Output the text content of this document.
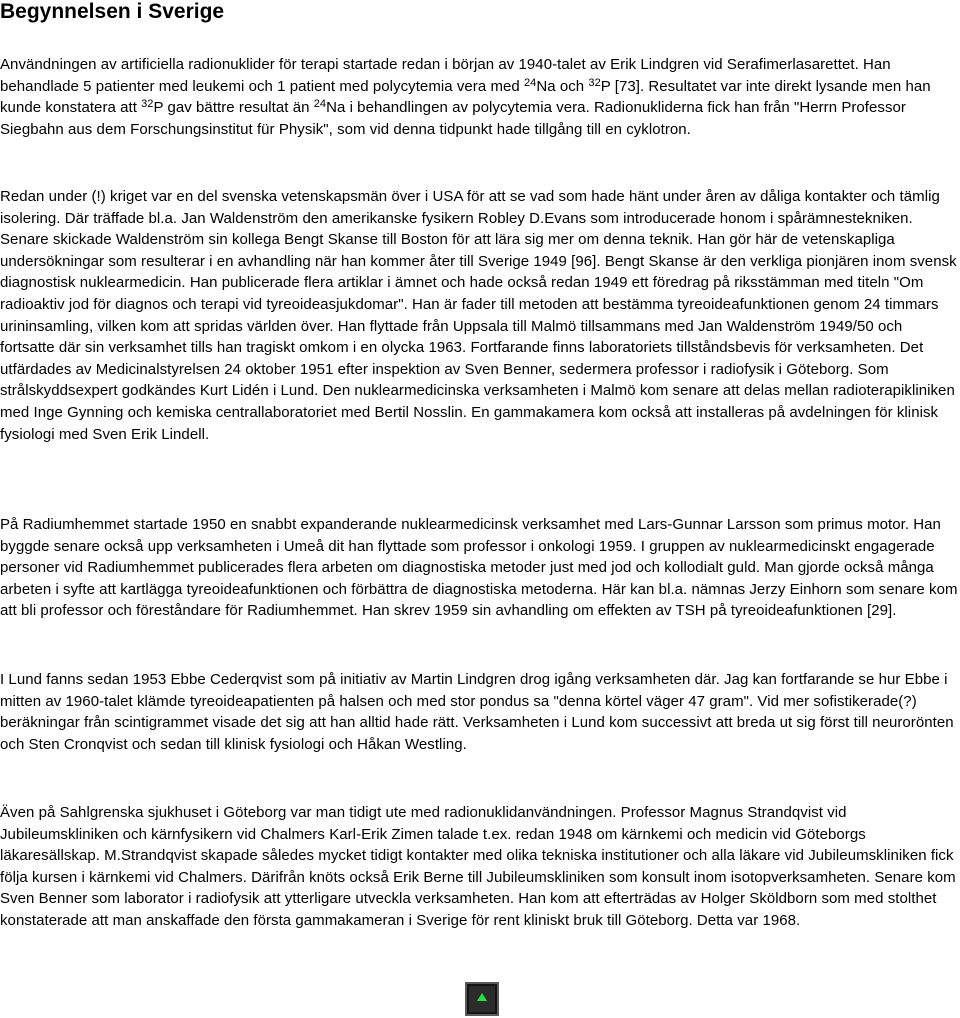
Begynnelsen i Sverige

Användningen av artificiella radionuklider för terapi startade redan i början av 1940-talet av Erik Lindgren vid Serafimerlasarettet. Han behandlade 5 patienter med leukemi och 1 patient med polycytemia vera med $^{24}$Na och $^{32}$P [73]. Resultatet var inte direkt lysande men han kunde konstatera att $^{32}$P gav bättre resultat än $^{24}$Na i behandlingen av polycytemia vera. Radionukliderna fick han från "Herrn Professor Siegbahn aus dem Forschungsinstitut für Physik", som vid denna tidpunkt hade tillgång till en cyklotron.

Redan under (!) kriget var en del svenska vetenskapsmän över i USA för att se vad som hade hänt under åren av dåliga kontakter och tämlig isolering. Där träffade bl.a. Jan Waldenström den amerikanske fysikern Robley D.Evans som introducerade honom i spårämnestekniken. Senare skickade Waldenström sin kollega Bengt Skanse till Boston för att lära sig mer om denna teknik. Han gör här de vetenskapliga undersökningar som resulterar i en avhandling när han kommer åter till Sverige 1949 [96]. Bengt Skanse är den verkliga pionjären inom svensk diagnostisk nuklearmedicin. Han publicerade flera artiklar i ämnet och hade också redan 1949 ett föredrag på riksstämman med titeln "Om radioaktiv jod för diagnos och terapi vid tyreoideasjukdomar". Han är fader till metoden att bestämma tyreoideafunktionen genom 24 timmars urininsamling, vilken kom att spridas världen över. Han flyttade från Uppsala till Malmö tillsammans med Jan Waldenström 1949/50 och fortsatte där sin verksamhet tills han tragiskt omkom i en olycka 1963. Fortfarande finns laboratoriets tillståndsbevis för verksamheten. Det utfärdades av Medicinalstyrelsen 24 oktober 1951 efter inspektion av Sven Benner, sedermera professor i radiofysik i Göteborg. Som strålskyddsexpert godkändes Kurt Lidén i Lund. Den nuklearmedicinska verksamheten i Malmö kom senare att delas mellan radioterapikliniken med Inge Gynning och kemiska centrallaboratoriet med Bertil Nosslin. En gammakamera kom också att installeras på avdelningen för klinisk fysiologi med Sven Erik Lindell.

På Radiumhemmet startade 1950 en snabbt expanderande nuklearmedicinsk verksamhet med Lars-Gunnar Larsson som primus motor. Han byggde senare också upp verksamheten i Umeå dit han flyttade som professor i onkologi 1959. I gruppen av nuklearmedicinskt engagerade personer vid Radiumhemmet publicerades flera arbeten om diagnostiska metoder just med jod och kollodialt guld. Man gjorde också många arbeten i syfte att kartlägga tyreoideafunktionen och förbättra de diagnostiska metoderna. Här kan bl.a. nämnas Jerzy Einhorn som senare kom att bli professor och föreståndare för Radiumhemmet. Han skrev 1959 sin avhandling om effekten av TSH på tyreoideafunktionen [29].

I Lund fanns sedan 1953 Ebbe Cederqvist som på initiativ av Martin Lindgren drog igång verksamheten där. Jag kan fortfarande se hur Ebbe i mitten av 1960-talet klämde tyreoideapatienten på halsen och med stor pondus sa "denna körtel väger 47 gram". Vid mer sofistikerade(?) beräkningar från scintigrammet visade det sig att han alltid hade rätt. Verksamheten i Lund kom successivt att breda ut sig först till neurorönten och Sten Cronqvist och sedan till klinisk fysiologi och Håkan Westling.

Även på Sahlgrenska sjukhuset i Göteborg var man tidigt ute med radionuklidanvändningen. Professor Magnus Strandqvist vid Jubileumskliniken och kärnfysikern vid Chalmers Karl-Erik Zimen talade t.ex. redan 1948 om kärnkemi och medicin vid Göteborgs läkaresällskap. M.Strandqvist skapade således mycket tidigt kontakter med olika tekniska institutioner och alla läkare vid Jubileumskliniken fick följa kursen i kärnkemi vid Chalmers. Därifrån knöts också Erik Berne till Jubileumskliniken som konsult inom isotopverksamheten. Senare kom Sven Benner som laborator i radiofysik att ytterligare utveckla verksamheten. Han kom att efterträdas av Holger Sköldborn som med stolthet konstaterade att man anskaffade den första gammakameran i Sverige för rent kliniskt bruk till Göteborg. Detta var 1968.
